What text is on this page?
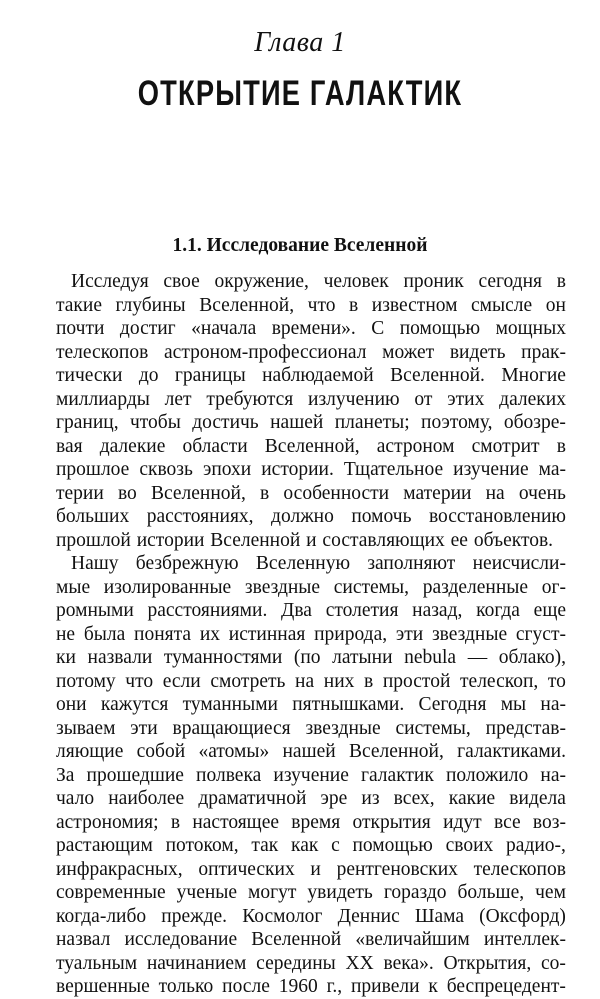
Глава 1
ОТКРЫТИЕ ГАЛАКТИК
1.1. Исследование Вселенной
Исследуя свое окружение, человек проник сегодня в
такие глубины Вселенной, что в известном смысле он
почти достиг «начала времени». С помощью мощных
телескопов астроном-профессионал может видеть прак-
тически до границы наблюдаемой Вселенной. Многие
миллиарды лет требуются излучению от этих далеких
границ, чтобы достичь нашей планеты; поэтому, обозре-
вая далекие области Вселенной, астроном смотрит в
прошлое сквозь эпохи истории. Тщательное изучение ма-
терии во Вселенной, в особенности материи на очень
больших расстояниях, должно помочь восстановлению
прошлой истории Вселенной и составляющих ее объектов.
Нашу безбрежную Вселенную заполняют неисчисли-
мые изолированные звездные системы, разделенные ог-
ромными расстояниями. Два столетия назад, когда еще
не была понята их истинная природа, эти звездные сгуст-
ки назвали туманностями (по латыни nebula — облако),
потому что если смотреть на них в простой телескоп, то
они кажутся туманными пятнышками. Сегодня мы на-
зываем эти вращающиеся звездные системы, представ-
ляющие собой «атомы» нашей Вселенной, галактиками.
За прошедшие полвека изучение галактик положило на-
чало наиболее драматичной эре из всех, какие видела
астрономия; в настоящее время открытия идут все воз-
растающим потоком, так как с помощью своих радио-,
инфракрасных, оптических и рентгеновских телескопов
современные ученые могут увидеть гораздо больше, чем
когда-либо прежде. Космолог Деннис Шама (Оксфорд)
назвал исследование Вселенной «величайшим интеллек-
туальным начинанием середины XX века». Открытия, со-
вершенные только после 1960 г., привели к беспрецедент-
